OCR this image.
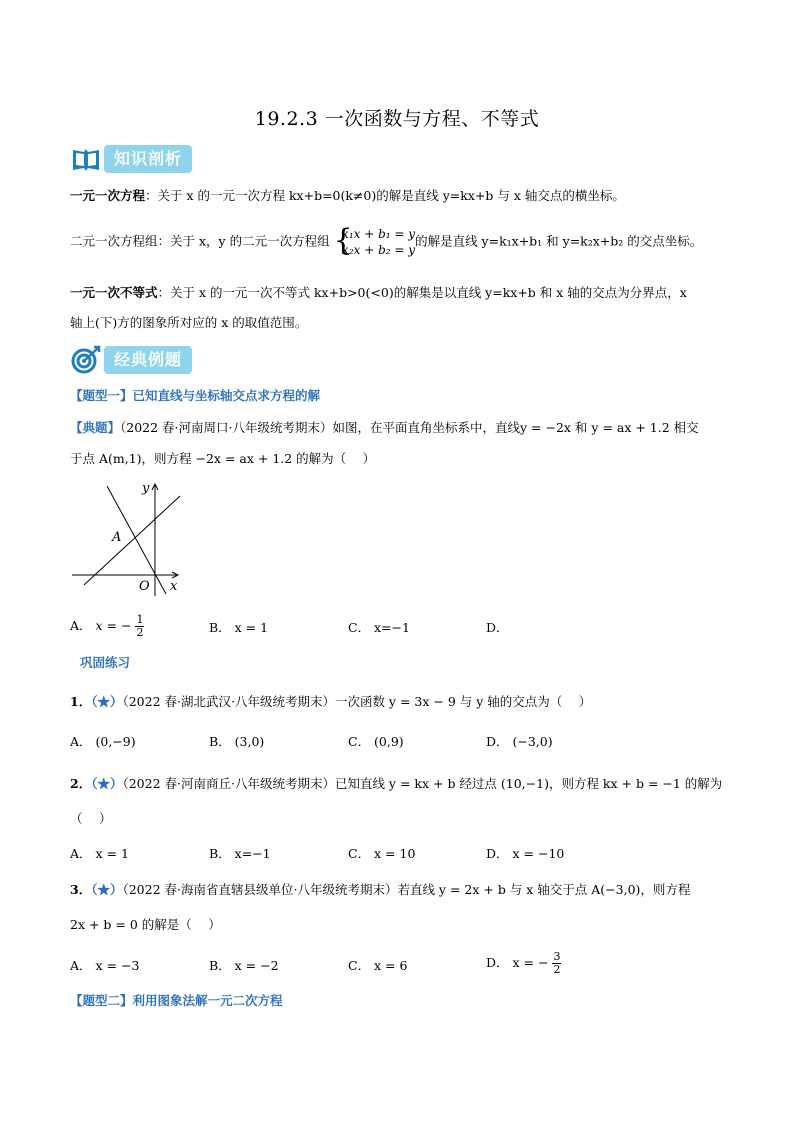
19.2.3 一次函数与方程、不等式
知识剖析
一元一次方程：关于 x 的一元一次方程 kx+b=0(k≠0)的解是直线 y=kx+b 与 x 轴交点的横坐标。
二元一次方程组：关于 x，y 的二元一次方程组 {
k₁x + b₁ = y
k₂x + b₂ = y
的解是直线 y=k₁x+b₁ 和 y=k₂x+b₂ 的交点坐标。
一元一次不等式：关于 x 的一元一次不等式 kx+b>0(<0)的解集是以直线 y=kx+b 和 x 轴的交点为分界点，x
轴上(下)方的图象所对应的 x 的取值范围。
经典例题
【题型一】已知直线与坐标轴交点求方程的解
【典题】（2022 春·河南周口·八年级统考期末）如图，在平面直角坐标系中，直线y = −2x 和 y = ax + 1.2 相交
于点 A(m,1)，则方程 −2x = ax + 1.2 的解为（　 ）
y
x
O
A
A． x = − $\frac{1}{2}$	B． x = 1	C． x=−1	D．
巩固练习
1．（★）（2022 春·湖北武汉·八年级统考期末）一次函数 y = 3x − 9 与 y 轴的交点为（　 ）
A． (0,−9)	B． (3,0)	C． (0,9)	D． (−3,0)
2．（★）（2022 春·河南商丘·八年级统考期末）已知直线 y = kx + b 经过点 (10,−1)，则方程 kx + b = −1 的解为
（　 ）
A． x = 1	B． x=−1	C． x = 10	D． x = −10
3．（★）（2022 春·海南省直辖县级单位·八年级统考期末）若直线 y = 2x + b 与 x 轴交于点 A(−3,0)，则方程
2x + b = 0 的解是（　 ）
A． x = −3	B． x = −2	C． x = 6	D． x = − $\frac{3}{2}$
【题型二】利用图象法解一元二次方程
